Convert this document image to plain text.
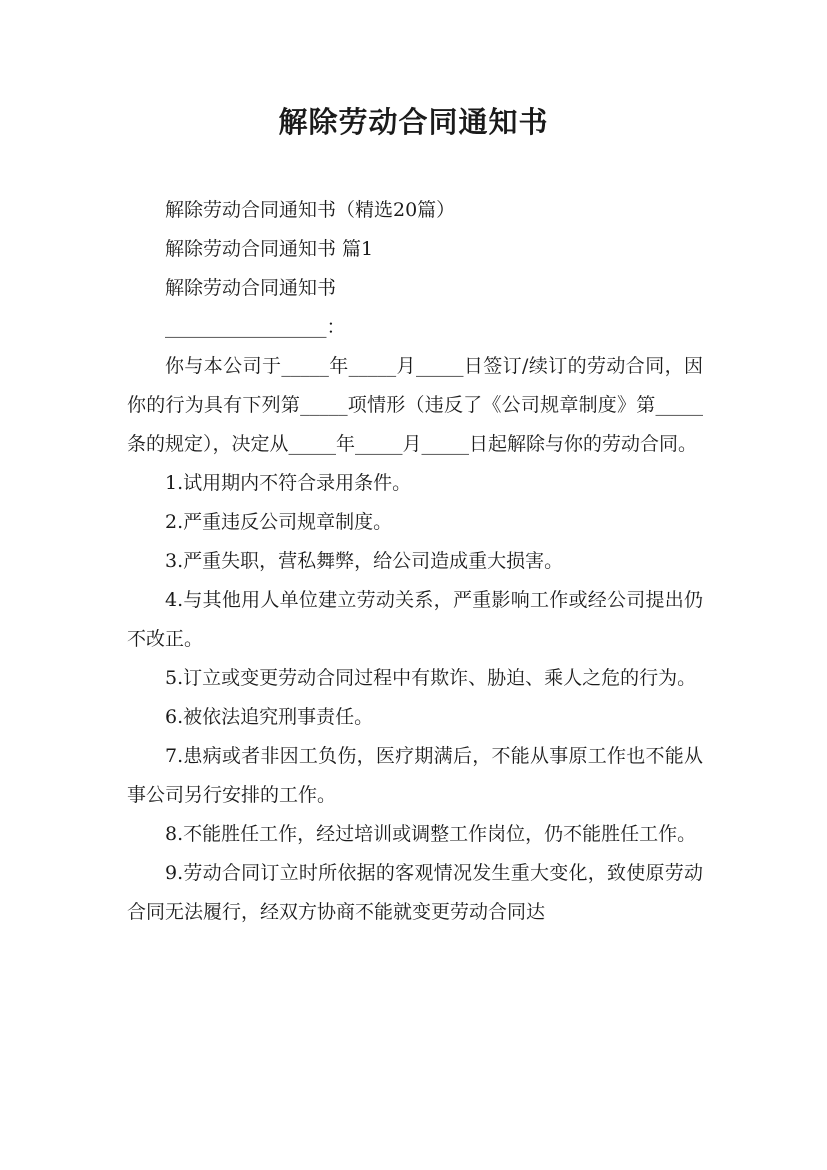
解除劳动合同通知书

解除劳动合同通知书（精选20篇）

解除劳动合同通知书 篇1

解除劳动合同通知书

_________________：

你与本公司于_____年_____月_____日签订/续订的劳动合同，因你的行为具有下列第_____项情形（违反了《公司规章制度》第_____条的规定），决定从_____年_____月_____日起解除与你的劳动合同。

1.试用期内不符合录用条件。

2.严重违反公司规章制度。

3.严重失职，营私舞弊，给公司造成重大损害。

4.与其他用人单位建立劳动关系，严重影响工作或经公司提出仍不改正。

5.订立或变更劳动合同过程中有欺诈、胁迫、乘人之危的行为。

6.被依法追究刑事责任。

7.患病或者非因工负伤，医疗期满后，不能从事原工作也不能从事公司另行安排的工作。

8.不能胜任工作，经过培训或调整工作岗位，仍不能胜任工作。

9.劳动合同订立时所依据的客观情况发生重大变化，致使原劳动合同无法履行，经双方协商不能就变更劳动合同达
